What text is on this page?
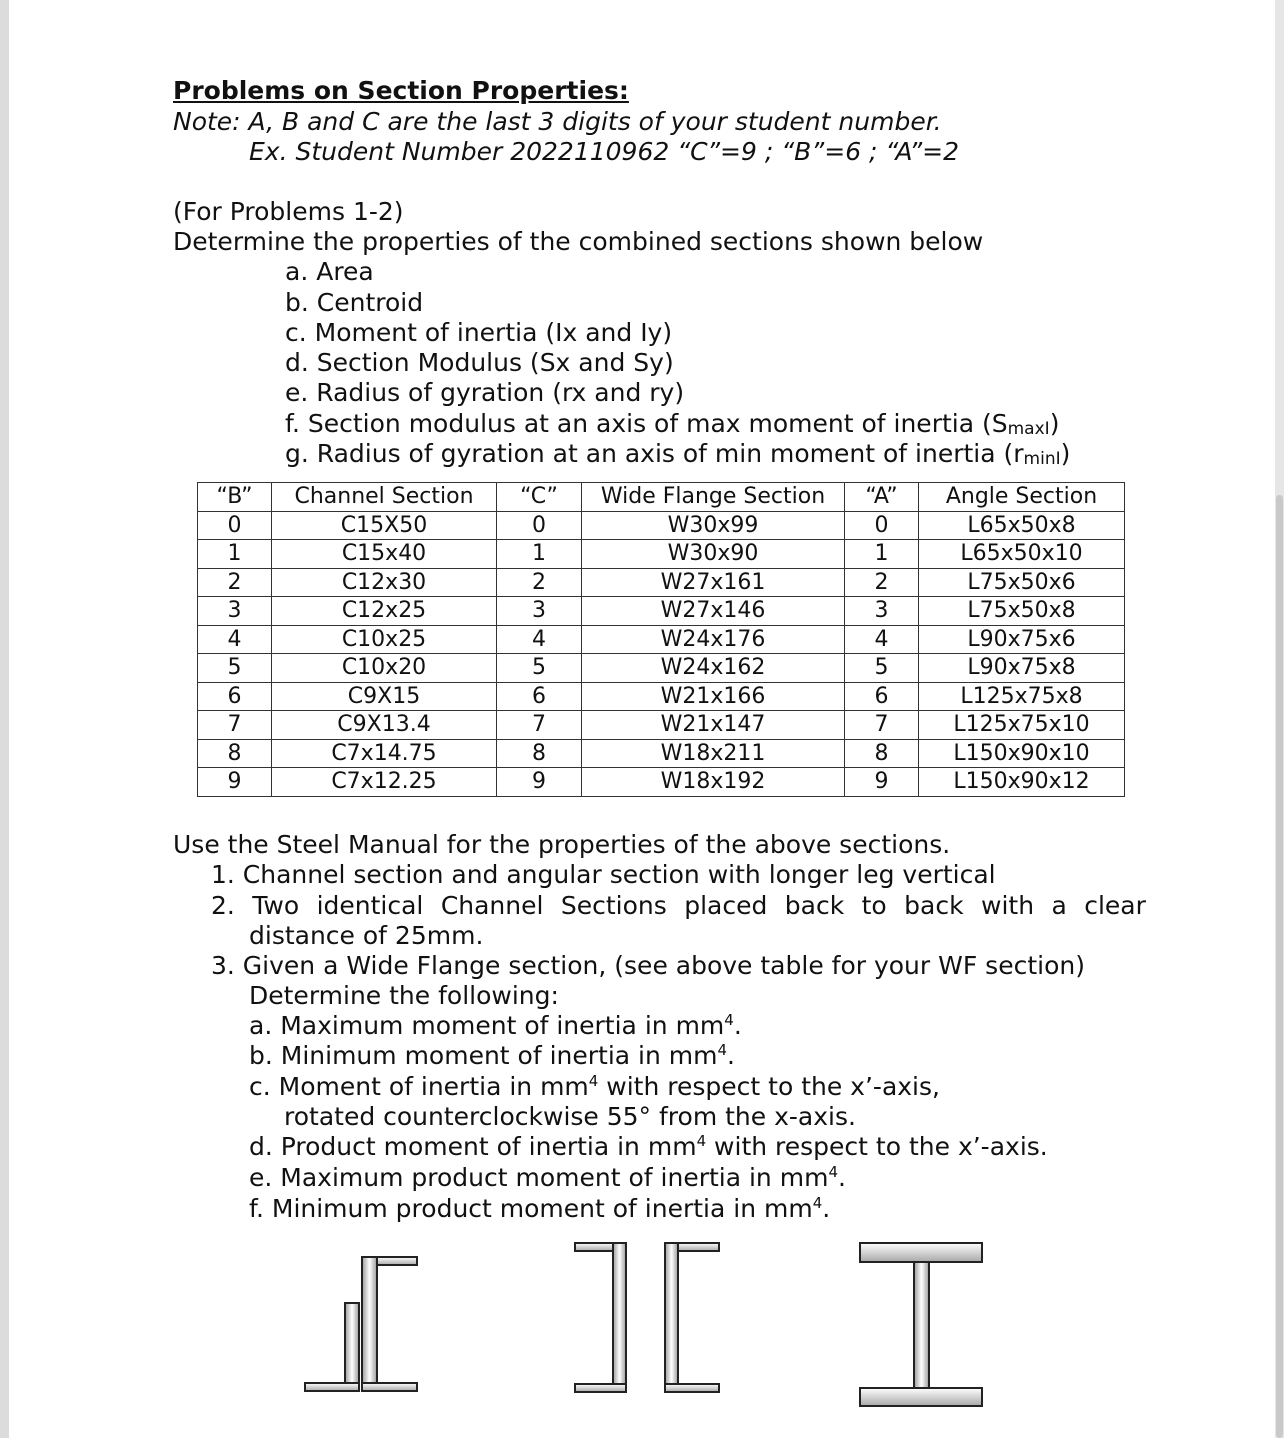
Problems on Section Properties:
Note: A, B and C are the last 3 digits of your student number.
Ex. Student Number 2022110962 “C”=9 ; “B”=6 ; “A”=2
(For Problems 1-2)
Determine the properties of the combined sections shown below
a. Area
b. Centroid
c. Moment of inertia (Ix and Iy)
d. Section Modulus (Sx and Sy)
e. Radius of gyration (rx and ry)
f. Section modulus at an axis of max moment of inertia $(S_{maxI})$
g. Radius of gyration at an axis of min moment of inertia $(r_{minI})$
“B”	Channel Section	“C”	Wide Flange Section	“A”	Angle Section
0	C15X50	0	W30x99	0	L65x50x8
1	C15x40	1	W30x90	1	L65x50x10
2	C12x30	2	W27x161	2	L75x50x6
3	C12x25	3	W27x146	3	L75x50x8
4	C10x25	4	W24x176	4	L90x75x6
5	C10x20	5	W24x162	5	L90x75x8
6	C9X15	6	W21x166	6	L125x75x8
7	C9X13.4	7	W21x147	7	L125x75x10
8	C7x14.75	8	W18x211	8	L150x90x10
9	C7x12.25	9	W18x192	9	L150x90x12
Use the Steel Manual for the properties of the above sections.
1. Channel section and angular section with longer leg vertical
2. Two identical Channel Sections placed back to back with a clear
distance of 25mm.
3. Given a Wide Flange section, (see above table for your WF section)
Determine the following:
a. Maximum moment of inertia in $mm^4$.
b. Minimum moment of inertia in $mm^4$.
c. Moment of inertia in $mm^4$ with respect to the x’-axis,
rotated counterclockwise 55° from the x-axis.
d. Product moment of inertia in $mm^4$ with respect to the x’-axis.
e. Maximum product moment of inertia in $mm^4$.
f. Minimum product moment of inertia in $mm^4$.
